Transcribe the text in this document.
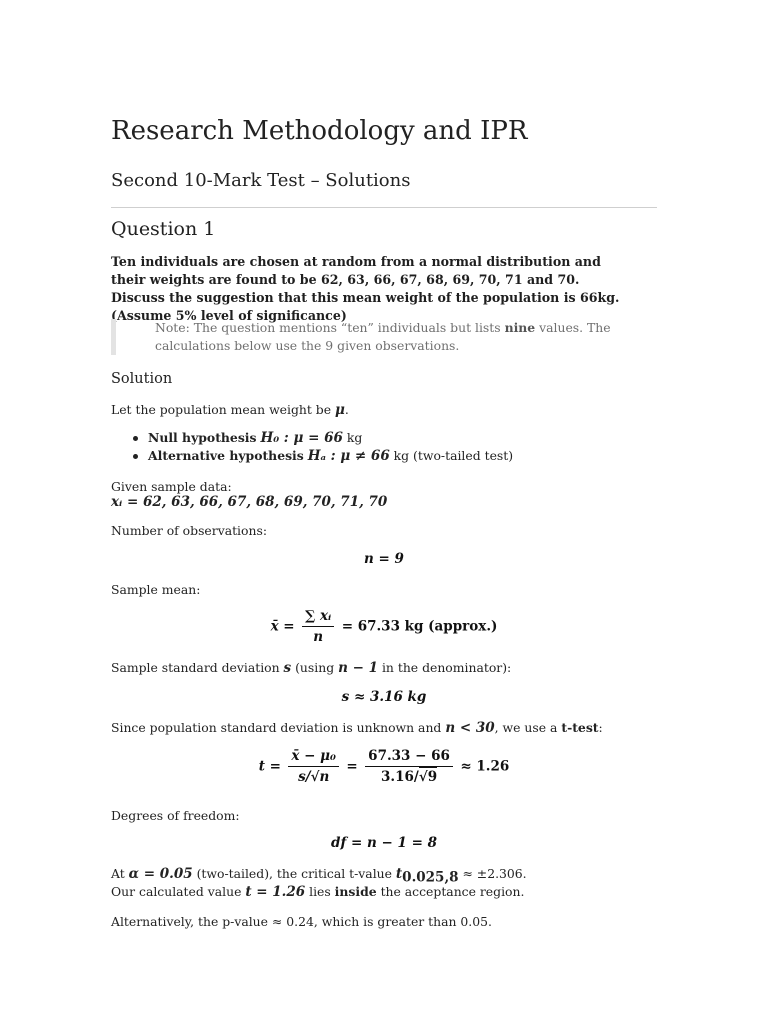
Research Methodology and IPR
Second 10-Mark Test – Solutions
Question 1

Ten individuals are chosen at random from a normal distribution and their weights are found to be 62, 63, 66, 67, 68, 69, 70, 71 and 70. Discuss the suggestion that this mean weight of the population is 66kg. (Assume 5% level of significance)

Note: The question mentions “ten” individuals but lists nine values. The calculations below use the 9 given observations.

Solution

Let the population mean weight be μ.

Null hypothesis H₀ : μ = 66 kg
Alternative hypothesis Hₐ : μ ≠ 66 kg (two-tailed test)

Given sample data:

xᵢ = 62, 63, 66, 67, 68, 69, 70, 71, 70

Number of observations:

n = 9

Sample mean:

x̄ = $\frac{\text{∑ xᵢ}}{n} = 67.33$ kg (approx.)

Sample standard deviation s (using n − 1 in the denominator):

s ≈ 3.16 kg

Since population standard deviation is unknown and n < 30, we use a t-test:

$t = \frac{\text{x̄ − μ₀}}{s/√n} = \frac{67.33 - 66}{3.16/√9} \approx 1.26$

Degrees of freedom:

df = n − 1 = 8

At α = 0.05 (two-tailed), the critical t-value $t_{0.025,8} \approx \pm 2.306$.

Our calculated value t = 1.26 lies inside the acceptance region.

Alternatively, the p-value ≈ 0.24, which is greater than 0.05.
